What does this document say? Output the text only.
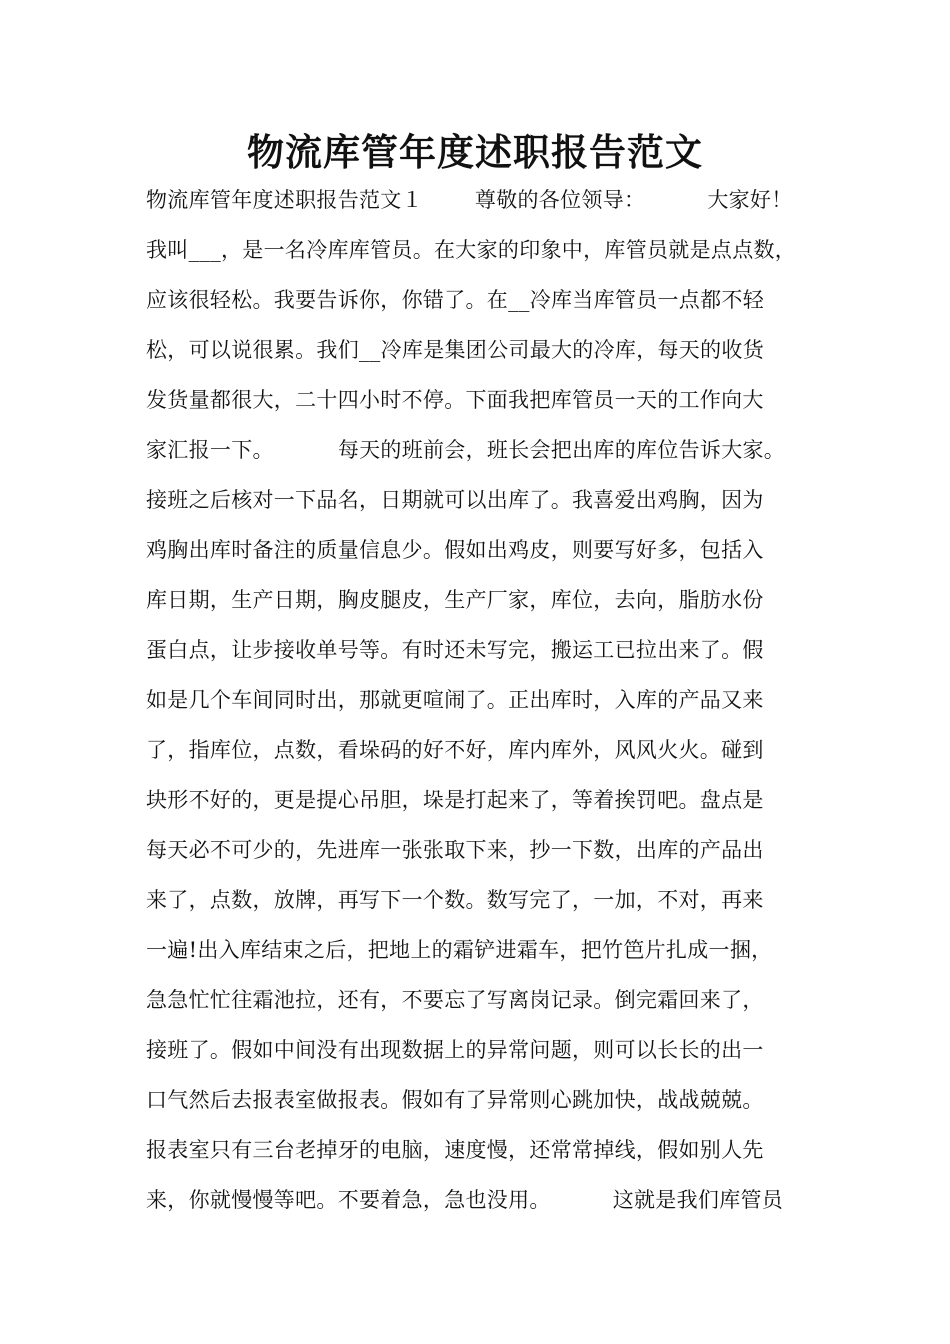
物流库管年度述职报告范文
物流库管年度述职报告范文１ 尊敬的各位领导：	大家好！
我叫___，是一名冷库库管员。在大家的印象中，库管员就是点点数，
应该很轻松。我要告诉你，你错了。在__冷库当库管员一点都不轻
松，可以说很累。我们__冷库是集团公司最大的冷库，每天的收货
发货量都很大，二十四小时不停。下面我把库管员一天的工作向大
家汇报一下。	每天的班前会，班长会把出库的库位告诉大家。
接班之后核对一下品名，日期就可以出库了。我喜爱出鸡胸，因为
鸡胸出库时备注的质量信息少。假如出鸡皮，则要写好多，包括入
库日期，生产日期，胸皮腿皮，生产厂家，库位，去向，脂肪水份
蛋白点，让步接收单号等。有时还未写完，搬运工已拉出来了。假
如是几个车间同时出，那就更喧闹了。正出库时，入库的产品又来
了，指库位，点数，看垛码的好不好，库内库外，风风火火。碰到
块形不好的，更是提心吊胆，垛是打起来了，等着挨罚吧。盘点是
每天必不可少的，先进库一张张取下来，抄一下数，出库的产品出
来了，点数，放牌，再写下一个数。数写完了，一加，不对，再来
一遍!出入库结束之后，把地上的霜铲进霜车，把竹笆片扎成一捆，
急急忙忙往霜池拉，还有，不要忘了写离岗记录。倒完霜回来了，
接班了。假如中间没有出现数据上的异常问题，则可以长长的出一
口气然后去报表室做报表。假如有了异常则心跳加快，战战兢兢。
报表室只有三台老掉牙的电脑，速度慢，还常常掉线，假如别人先
来，你就慢慢等吧。不要着急，急也没用。	这就是我们库管员
